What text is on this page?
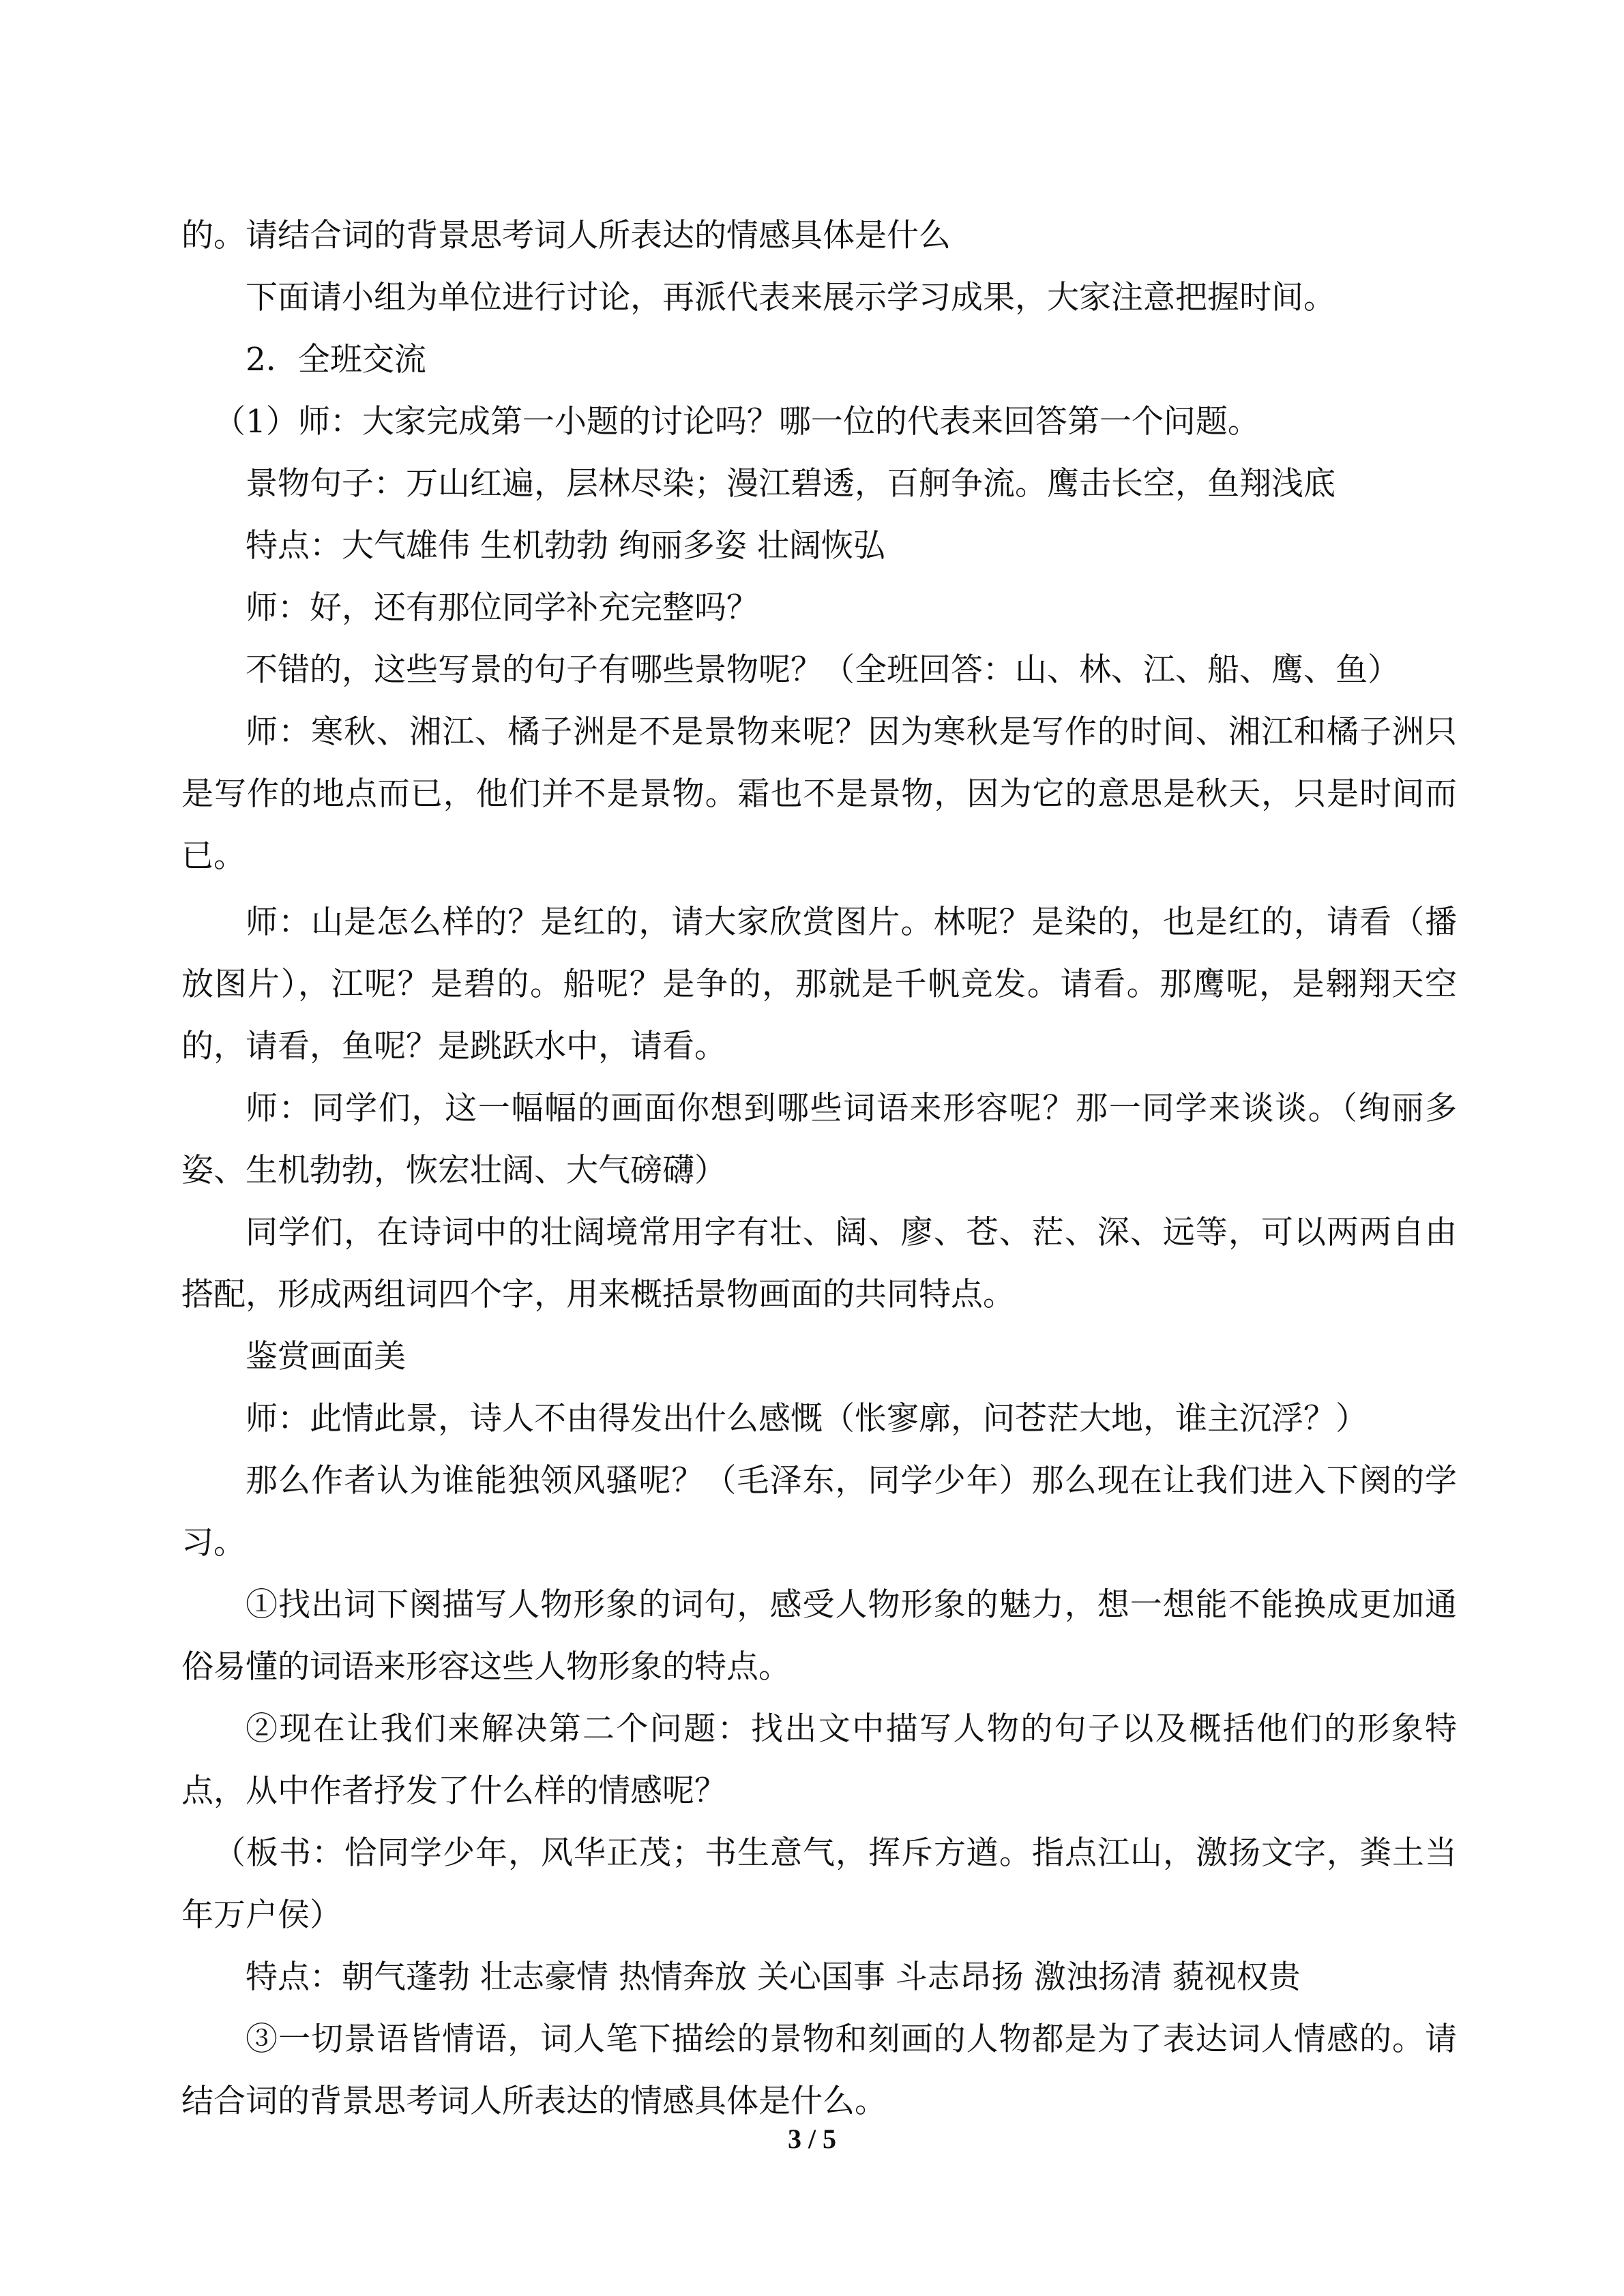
的。请结合词的背景思考词人所表达的情感具体是什么

下面请小组为单位进行讨论，再派代表来展示学习成果，大家注意把握时间。

2．全班交流

（1）师：大家完成第一小题的讨论吗？哪一位的代表来回答第一个问题。

景物句子：万山红遍，层林尽染；漫江碧透，百舸争流。鹰击长空，鱼翔浅底

特点：大气雄伟 生机勃勃 绚丽多姿 壮阔恢弘

师：好，还有那位同学补充完整吗？

不错的，这些写景的句子有哪些景物呢？（全班回答：山、林、江、船、鹰、鱼）

师：寒秋、湘江、橘子洲是不是景物来呢？因为寒秋是写作的时间、湘江和橘子洲只是写作的地点而已，他们并不是景物。霜也不是景物，因为它的意思是秋天，只是时间而已。

师：山是怎么样的？是红的，请大家欣赏图片。林呢？是染的，也是红的，请看（播放图片），江呢？是碧的。船呢？是争的，那就是千帆竞发。请看。那鹰呢，是翱翔天空的，请看，鱼呢？是跳跃水中，请看。

师：同学们，这一幅幅的画面你想到哪些词语来形容呢？那一同学来谈谈。（绚丽多姿、生机勃勃，恢宏壮阔、大气磅礴）

同学们，在诗词中的壮阔境常用字有壮、阔、廖、苍、茫、深、远等，可以两两自由搭配，形成两组词四个字，用来概括景物画面的共同特点。

鉴赏画面美

师：此情此景，诗人不由得发出什么感慨（怅寥廓，问苍茫大地，谁主沉浮？）

那么作者认为谁能独领风骚呢？（毛泽东，同学少年）那么现在让我们进入下阕的学习。

①找出词下阕描写人物形象的词句，感受人物形象的魅力，想一想能不能换成更加通俗易懂的词语来形容这些人物形象的特点。

②现在让我们来解决第二个问题：找出文中描写人物的句子以及概括他们的形象特点，从中作者抒发了什么样的情感呢？

（板书：恰同学少年，风华正茂；书生意气，挥斥方遒。指点江山，激扬文字，粪土当年万户侯）

特点：朝气蓬勃 壮志豪情 热情奔放 关心国事 斗志昂扬 激浊扬清 藐视权贵

③一切景语皆情语，词人笔下描绘的景物和刻画的人物都是为了表达词人情感的。请结合词的背景思考词人所表达的情感具体是什么。

3 / 5
